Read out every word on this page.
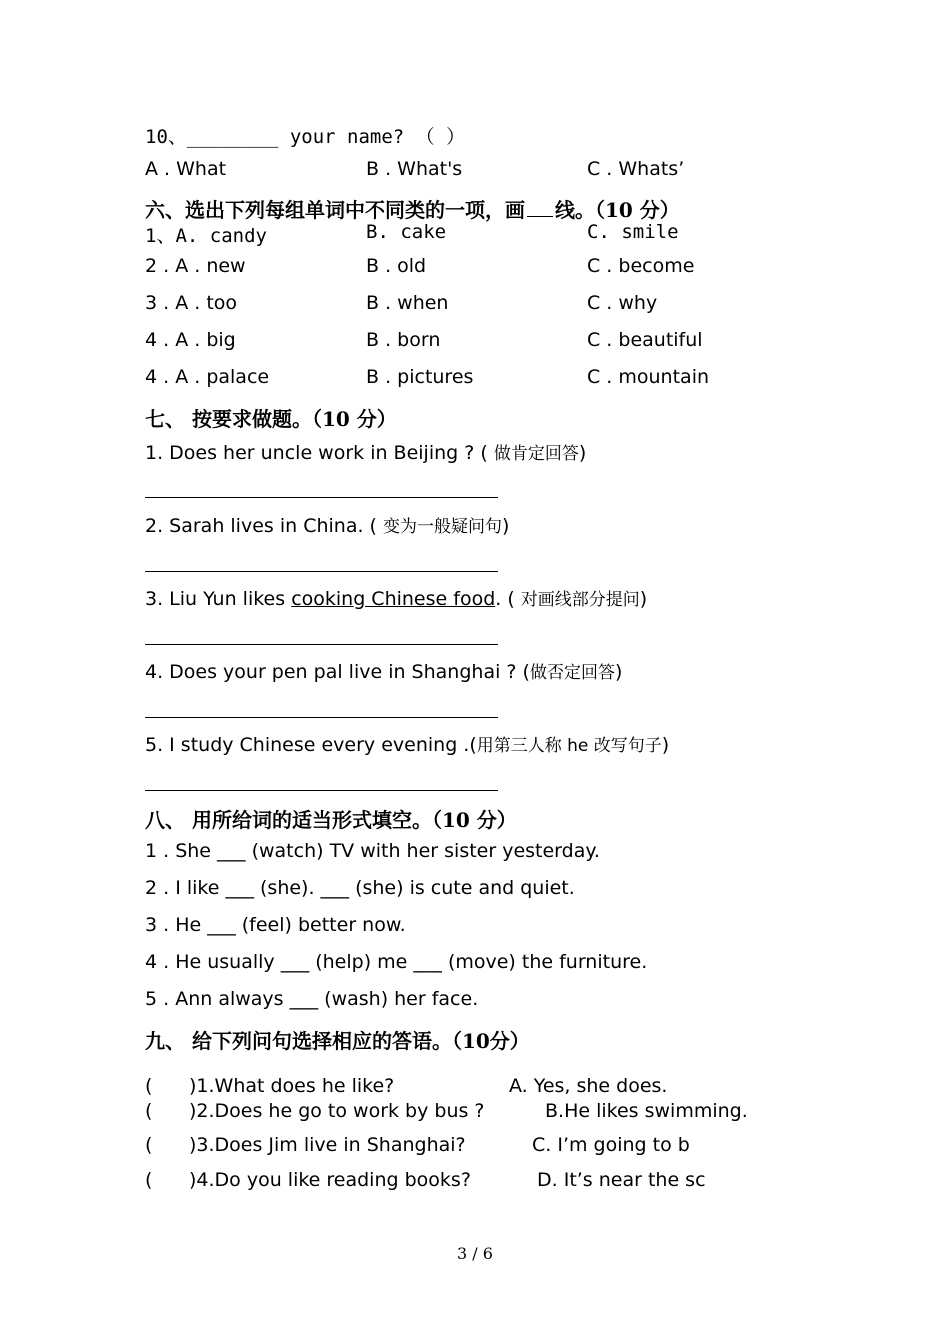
10、________ your name? （ ）
A . What	B . What's	C . Whats’
六、选出下列每组单词中不同类的一项，画 线。（10 分）
1、A. candy	B. cake	C. smile
2 . A . new	B . old	C . become
3 . A . too	B . when	C . why
4 . A . big	B . born	C . beautiful
4 . A . palace	B . pictures	C . mountain
七、 按要求做题。（10 分）
1. Does her uncle work in Beijing ? ( 做肯定回答)
2. Sarah lives in China. ( 变为一般疑问句)
3. Liu Yun likes cooking Chinese food. ( 对画线部分提问)
4. Does your pen pal live in Shanghai ? (做否定回答)
5. I study Chinese every evening .(用第三人称 he 改写句子)
八、 用所给词的适当形式填空。（10 分）
1 . She ___ (watch) TV with her sister yesterday.
2 . I like ___ (she). ___ (she) is cute and quiet.
3 . He ___ (feel) better now.
4 . He usually ___ (help) me ___ (move) the furniture.
5 . Ann always ___ (wash) her face.
九、 给下列问句选择相应的答语。（10分）
( )1.What does he like?	A. Yes, she does.
( )2.Does he go to work by bus ?	B.He likes swimming.
( )3.Does Jim live in Shanghai?	C. I’m going to b
( )4.Do you like reading books?	D. It’s near the sc
3 / 6
